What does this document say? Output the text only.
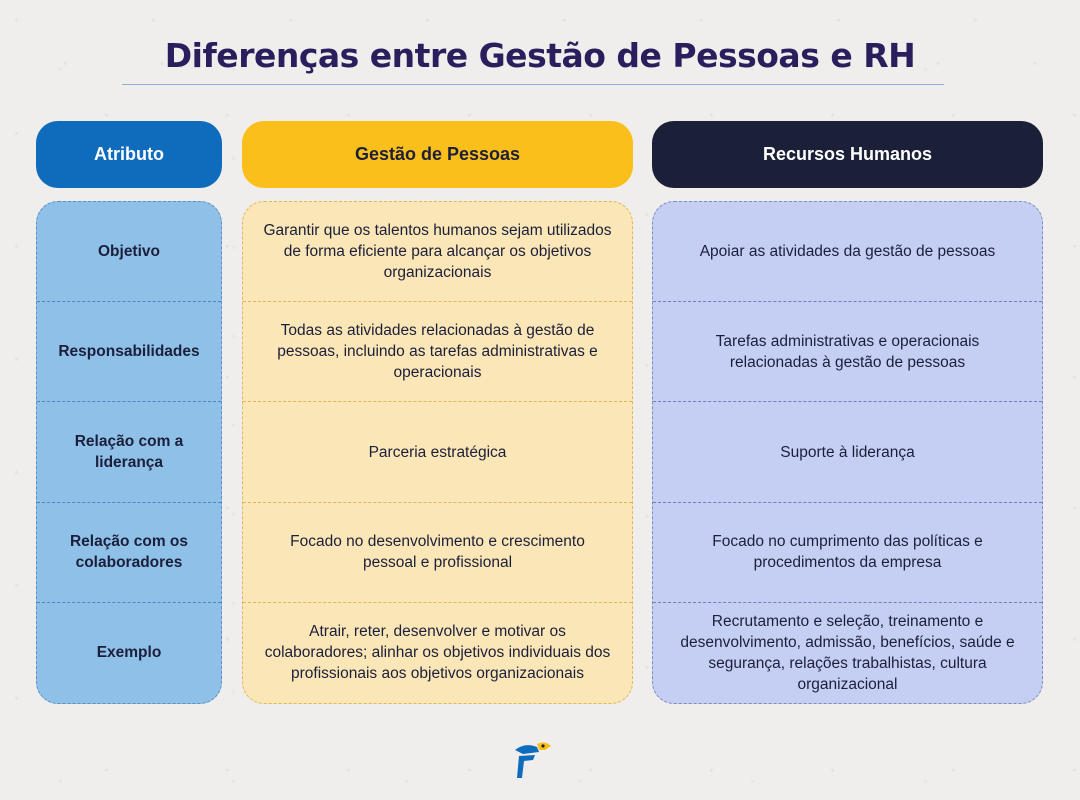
Diferenças entre Gestão de Pessoas e RH
Atributo	Gestão de Pessoas	Recursos Humanos
Objetivo
Responsabilidades
Relação com a liderança
Relação com os colaboradores
Exemplo
Garantir que os talentos humanos sejam utilizados de forma eficiente para alcançar os objetivos organizacionais
Todas as atividades relacionadas à gestão de pessoas, incluindo as tarefas administrativas e operacionais
Parceria estratégica
Focado no desenvolvimento e crescimento pessoal e profissional
Atrair, reter, desenvolver e motivar os colaboradores; alinhar os objetivos individuais dos profissionais aos objetivos organizacionais
Apoiar as atividades da gestão de pessoas
Tarefas administrativas e operacionais relacionadas à gestão de pessoas
Suporte à liderança
Focado no cumprimento das políticas e procedimentos da empresa
Recrutamento e seleção, treinamento e desenvolvimento, admissão, benefícios, saúde e segurança, relações trabalhistas, cultura organizacional
